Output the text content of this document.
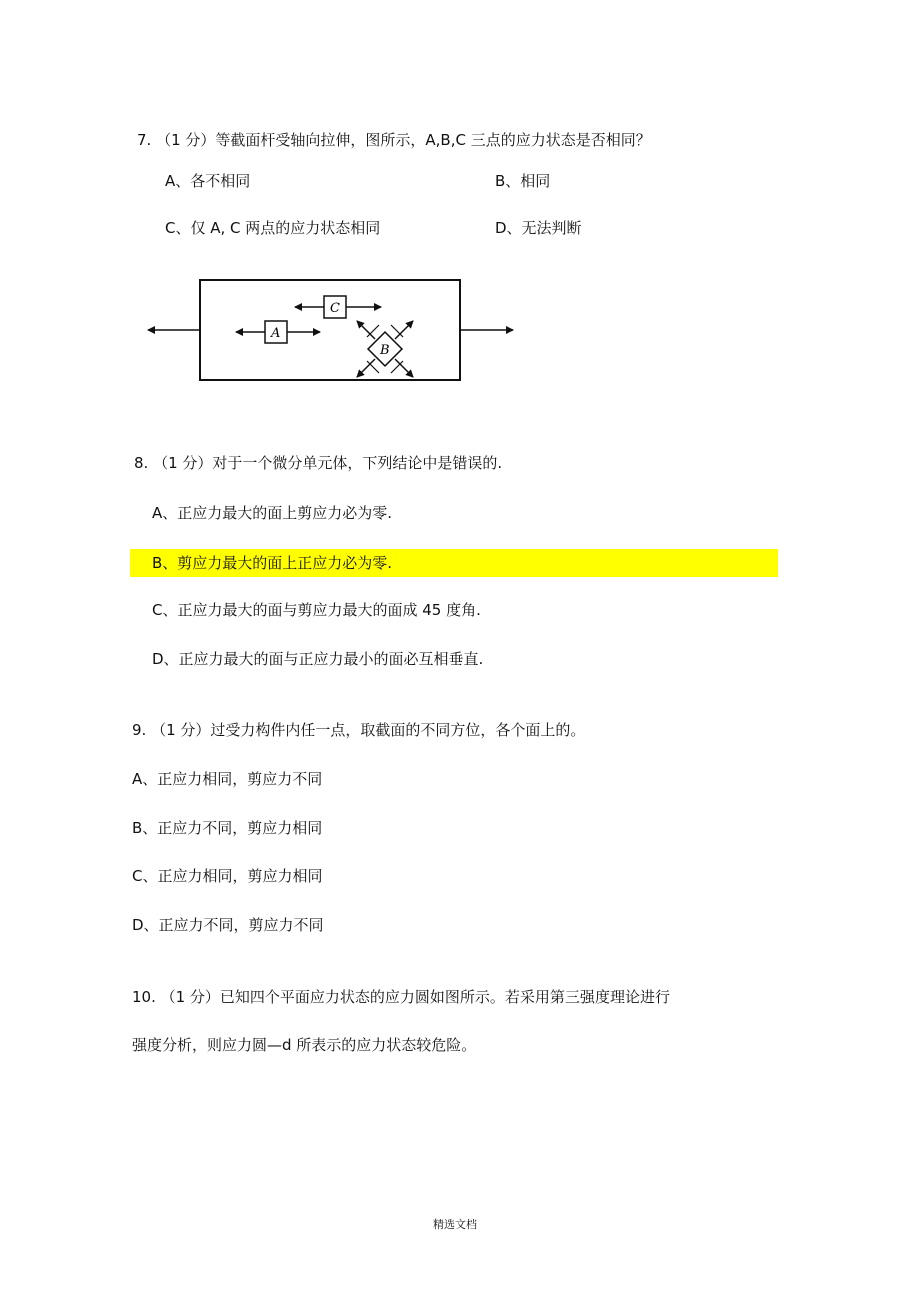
7. （1 分）等截面杆受轴向拉伸，图所示，A,B,C 三点的应力状态是否相同？
A、各不相同	B、相同
C、仅 A, C 两点的应力状态相同	D、无法判断
C
A
B
8. （1 分）对于一个微分单元体，下列结论中是错误的.
A、正应力最大的面上剪应力必为零.
B、剪应力最大的面上正应力必为零.
C、正应力最大的面与剪应力最大的面成 45 度角.
D、正应力最大的面与正应力最小的面必互相垂直.
9. （1 分）过受力构件内任一点，取截面的不同方位，各个面上的。
A、正应力相同，剪应力不同
B、正应力不同，剪应力相同
C、正应力相同，剪应力相同
D、正应力不同，剪应力不同
10. （1 分）已知四个平面应力状态的应力圆如图所示。若采用第三强度理论进行
强度分析，则应力圆—d 所表示的应力状态较危险。
精选文档
